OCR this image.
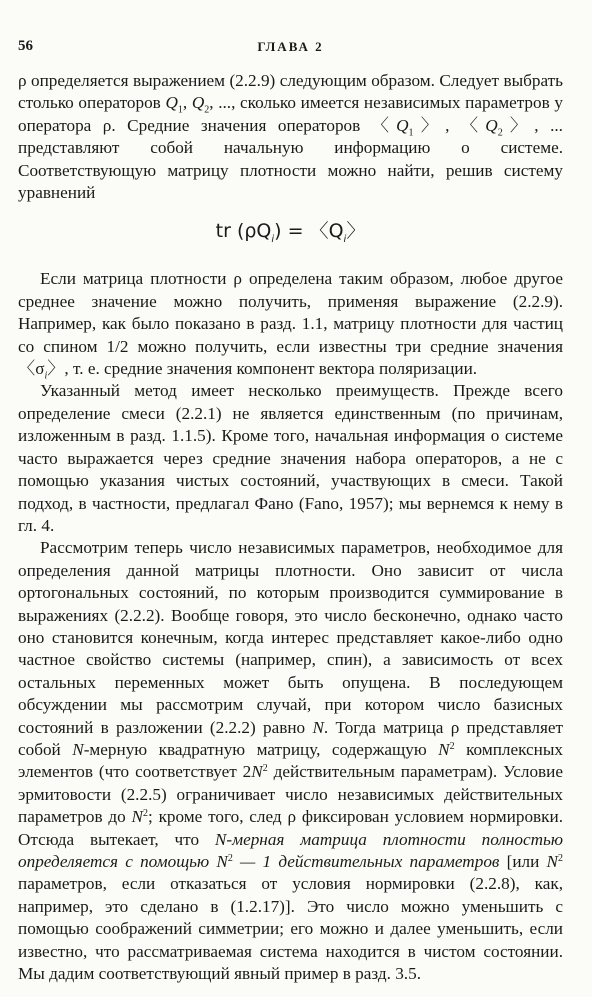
56	ГЛАВА 2

ρ определяется выражением (2.2.9) следующим образом. Следует выбрать столько операторов $Q_1$, $Q_2$, ..., сколько имеется независимых параметров у оператора ρ. Средние значения операторов 〈$Q_1$〉, 〈$Q_2$〉, ... представляют собой начальную информацию о системе. Соответствующую матрицу плотности можно найти, решив систему уравнений

tr $(\rho Q_i)$ = 〈$Q_i$〉

Если матрица плотности ρ определена таким образом, любое другое среднее значение можно получить, применяя выражение (2.2.9). Например, как было показано в разд. 1.1, матрицу плотности для частиц со спином 1/2 можно получить, если известны три средние значения 〈$\sigma_i$〉, т. е. средние значения компонент вектора поляризации.

Указанный метод имеет несколько преимуществ. Прежде всего определение смеси (2.2.1) не является единственным (по причинам, изложенным в разд. 1.1.5). Кроме того, начальная информация о системе часто выражается через средние значения набора операторов, а не с помощью указания чистых состояний, участвующих в смеси. Такой подход, в частности, предлагал Фано (Fano, 1957); мы вернемся к нему в гл. 4.

Рассмотрим теперь число независимых параметров, необходимое для определения данной матрицы плотности. Оно зависит от числа ортогональных состояний, по которым производится суммирование в выражениях (2.2.2). Вообще говоря, это число бесконечно, однако часто оно становится конечным, когда интерес представляет какое-либо одно частное свойство системы (например, спин), а зависимость от всех остальных переменных может быть опущена. В последующем обсуждении мы рассмотрим случай, при котором число базисных состояний в разложении (2.2.2) равно N. Тогда матрица ρ представляет собой N-мерную квадратную матрицу, содержащую $N^2$ комплексных элементов (что соответствует $2N^2$ действительным параметрам). Условие эрмитовости (2.2.5) ограничивает число независимых действительных параметров до $N^2$; кроме того, след ρ фиксирован условием нормировки. Отсюда вытекает, что N-мерная матрица плотности полностью определяется с помощью $N^2$ — 1 действительных параметров [или $N^2$ параметров, если отказаться от условия нормировки (2.2.8), как, например, это сделано в (1.2.17)]. Это число можно уменьшить с помощью соображений симметрии; его можно и далее уменьшить, если известно, что рассматриваемая система находится в чистом состоянии. Мы дадим соответствующий явный пример в разд. 3.5.
